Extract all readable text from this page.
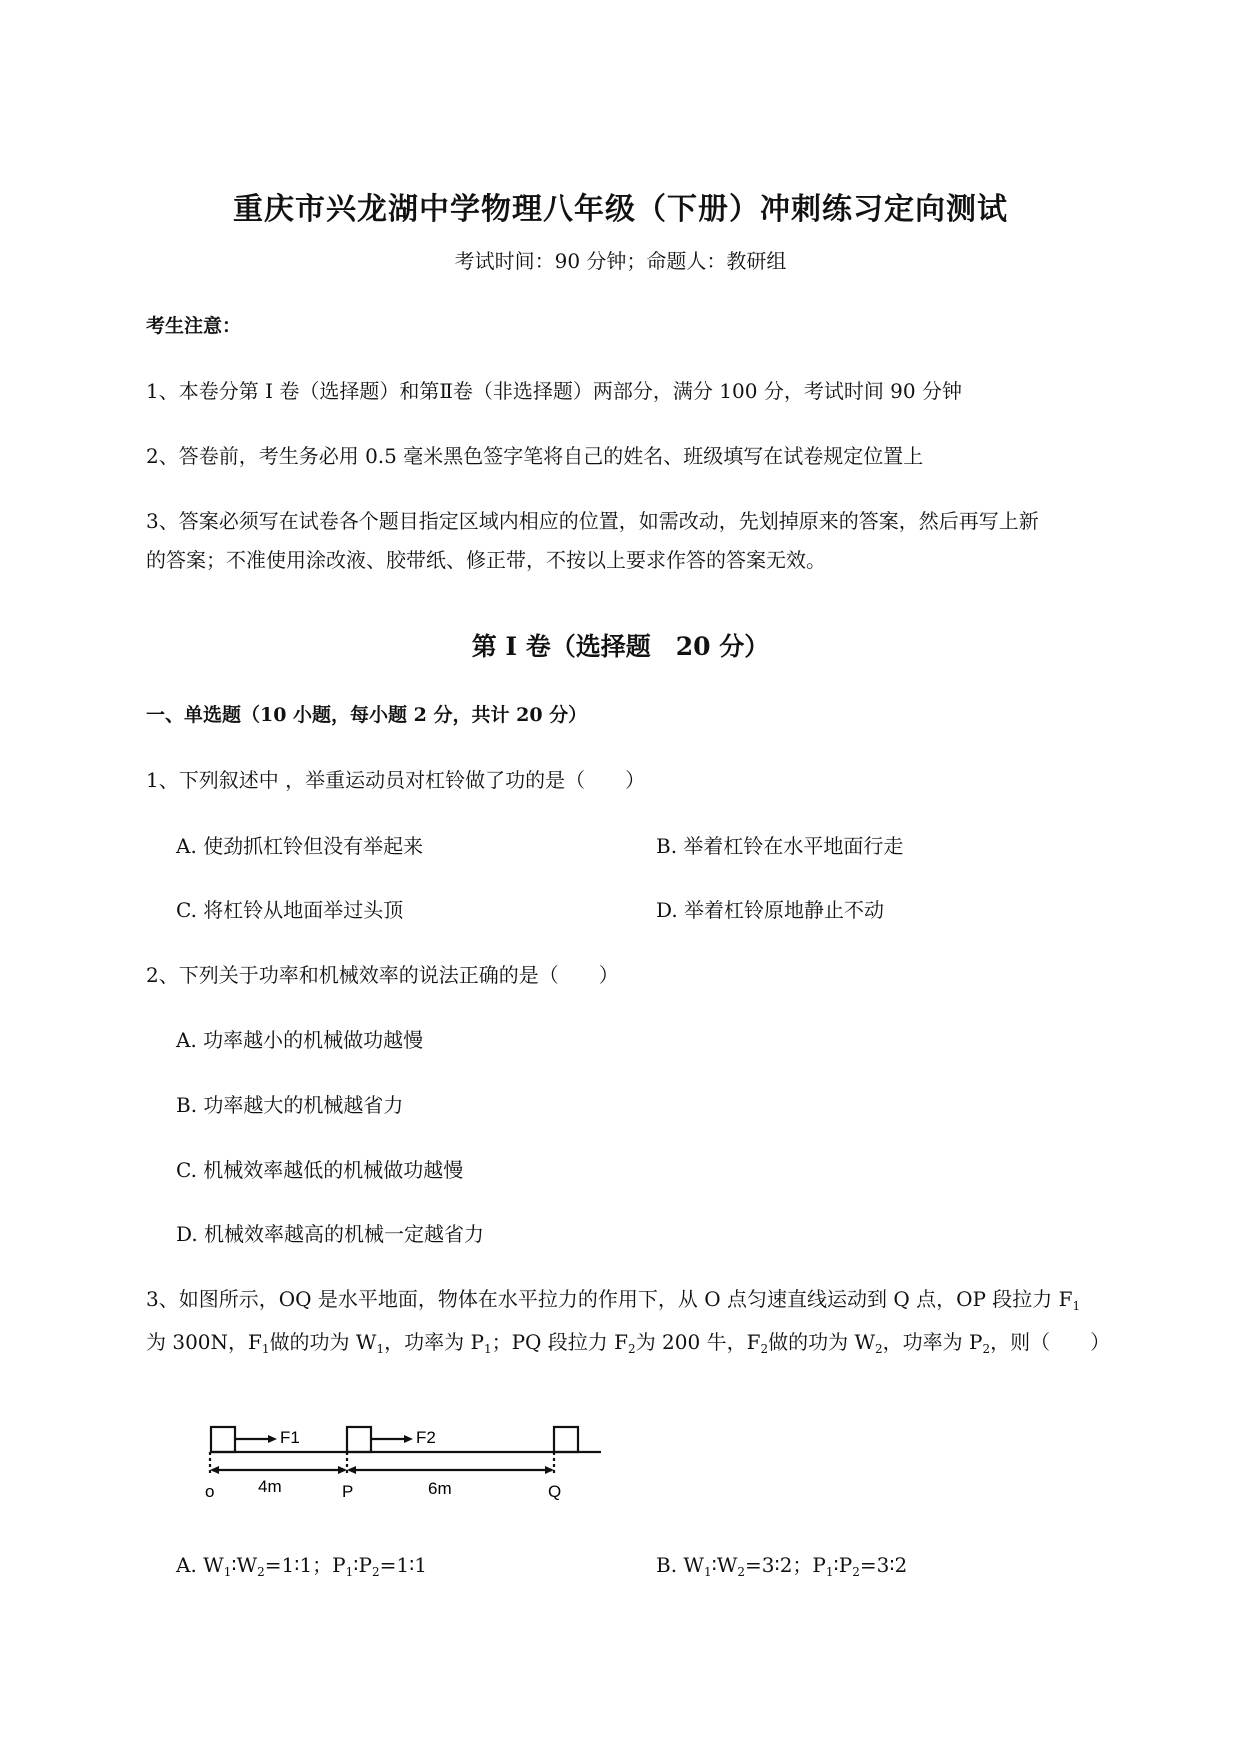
重庆市兴龙湖中学物理八年级（下册）冲刺练习定向测试
考试时间：90 分钟；命题人：教研组
考生注意：
1、本卷分第 I 卷（选择题）和第Ⅱ卷（非选择题）两部分，满分 100 分，考试时间 90 分钟
2、答卷前，考生务必用 0.5 毫米黑色签字笔将自己的姓名、班级填写在试卷规定位置上
3、答案必须写在试卷各个题目指定区域内相应的位置，如需改动，先划掉原来的答案，然后再写上新
的答案；不准使用涂改液、胶带纸、修正带，不按以上要求作答的答案无效。
第 I 卷（选择题　20 分）
一、单选题（10 小题，每小题 2 分，共计 20 分）
1、下列叙述中 ，举重运动员对杠铃做了功的是（　　）
A. 使劲抓杠铃但没有举起来	B. 举着杠铃在水平地面行走
C. 将杠铃从地面举过头顶	D. 举着杠铃原地静止不动
2、下列关于功率和机械效率的说法正确的是（　　）
A. 功率越小的机械做功越慢
B. 功率越大的机械越省力
C. 机械效率越低的机械做功越慢
D. 机械效率越高的机械一定越省力
3、如图所示，OQ 是水平地面，物体在水平拉力的作用下，从 O 点匀速直线运动到 Q 点，OP 段拉力 $F_1$
为 300N，$F_1$做的功为 $W_1$，功率为 $P_1$；PQ 段拉力 $F_2$为 200 牛，$F_2$做的功为 $W_2$，功率为 $P_2$，则（　　）
F1	F2
o	P	Q
4m	6m
A. $W_1∶W_2=1∶1$；$P_1∶P_2=1∶1$	B. $W_1∶W_2=3∶2$；$P_1∶P_2=3∶2$
